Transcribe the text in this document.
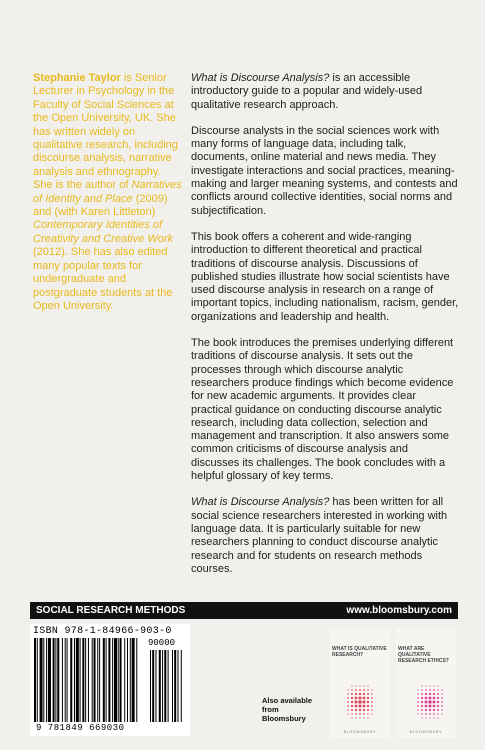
Stephanie Taylor is Senior Lecturer in Psychology in the Faculty of Social Sciences at the Open University, UK. She has written widely on qualitative research, including discourse analysis, narrative analysis and ethnography. She is the author of Narratives of Identity and Place (2009) and (with Karen Littleton) Contemporary Identities of Creativity and Creative Work (2012). She has also edited many popular texts for undergraduate and postgraduate students at the Open University.

What is Discourse Analysis? is an accessible introductory guide to a popular and widely-used qualitative research approach.

Discourse analysts in the social sciences work with many forms of language data, including talk, documents, online material and news media. They investigate interactions and social practices, meaning-making and larger meaning systems, and contests and conflicts around collective identities, social norms and subjectification.

This book offers a coherent and wide-ranging introduction to different theoretical and practical traditions of discourse analysis. Discussions of published studies illustrate how social scientists have used discourse analysis in research on a range of important topics, including nationalism, racism, gender, organizations and leadership and health.

The book introduces the premises underlying different traditions of discourse analysis. It sets out the processes through which discourse analytic researchers produce findings which become evidence for new academic arguments. It provides clear practical guidance on conducting discourse analytic research, including data collection, selection and management and transcription. It also answers some common criticisms of discourse analysis and discusses its challenges. The book concludes with a helpful glossary of key terms.

What is Discourse Analysis? has been written for all social science researchers interested in working with language data. It is particularly suitable for new researchers planning to conduct discourse analytic research and for students on research methods courses.

SOCIAL RESEARCH METHODS	www.bloomsbury.com
ISBN 978-1-84966-903-0
90000
9 781849 669030
Also available from Bloomsbury
WHAT IS QUALITATIVE RESEARCH?
BLOOMSBURY
WHAT ARE QUALITATIVE RESEARCH ETHICS?
BLOOMSBURY
